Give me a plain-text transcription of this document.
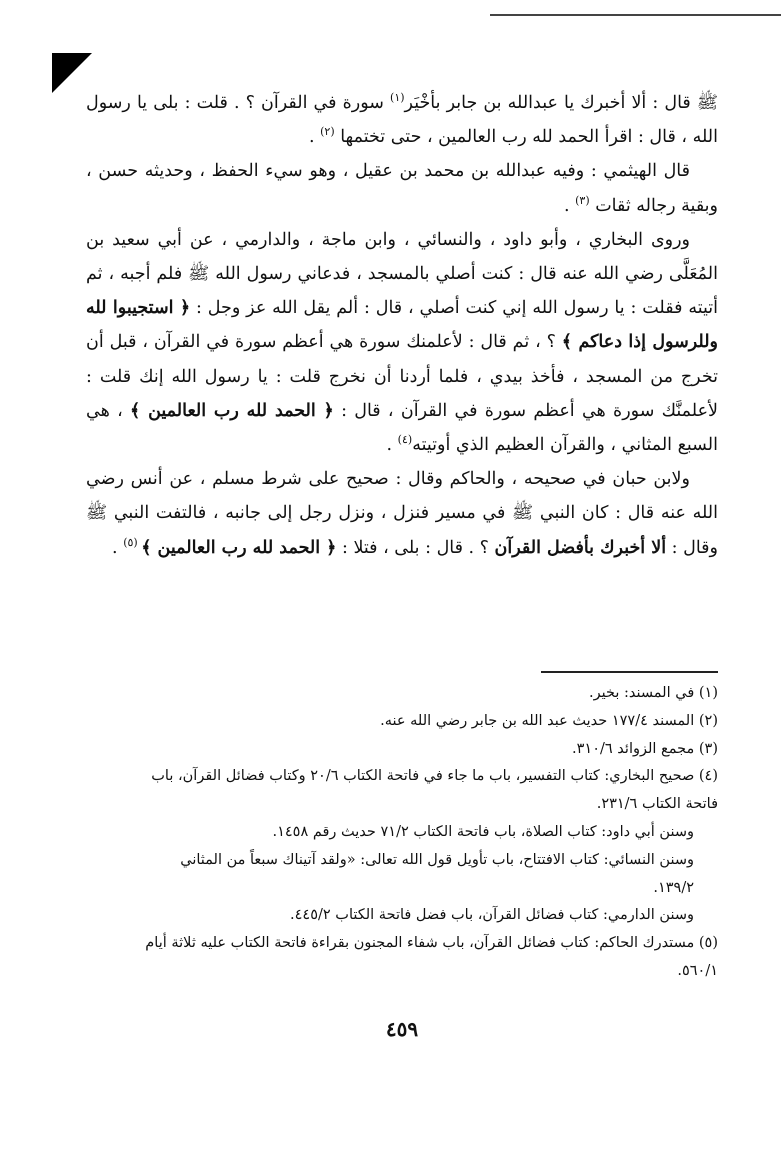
ﷺ قال : ألا أخبرك يا عبدالله بن جابر بأخْيَر$^{(١)}$ سورة في القرآن ؟ . قلت : بلى يا رسول الله ، قال : اقرأ الحمد لله رب العالمين ، حتى تختمها $^{(٢)}$ .

قال الهيثمي : وفيه عبدالله بن محمد بن عقيل ، وهو سيء الحفظ ، وحديثه حسن ، وبقية رجاله ثقات $^{(٣)}$ .

وروى البخاري ، وأبو داود ، والنسائي ، وابن ماجة ، والدارمي ، عن أبي سعيد بن المُعَلَّى رضي الله عنه قال : كنت أصلي بالمسجد ، فدعاني رسول الله ﷺ فلم أجبه ، ثم أتيته فقلت : يا رسول الله إني كنت أصلي ، قال : ألم يقل الله عز وجل : ﴿ استجيبوا لله وللرسول إذا دعاكم ﴾ ؟ ، ثم قال : لأعلمنك سورة هي أعظم سورة في القرآن ، قبل أن تخرج من المسجد ، فأخذ بيدي ، فلما أردنا أن نخرج قلت : يا رسول الله إنك قلت : لأعلمنَّك سورة هي أعظم سورة في القرآن ، قال : ﴿ الحمد لله رب العالمين ﴾ ، هي السبع المثاني ، والقرآن العظيم الذي أوتيته$^{(٤)}$ .

ولابن حبان في صحيحه ، والحاكم وقال : صحيح على شرط مسلم ، عن أنس رضي الله عنه قال : كان النبي ﷺ في مسير فنزل ، ونزل رجل إلى جانبه ، فالتفت النبي ﷺ وقال : ألا أخبرك بأفضل القرآن ؟ . قال : بلى ، فتلا : ﴿ الحمد لله رب العالمين ﴾ $^{(٥)}$ .

(١) في المسند: بخير.
(٢) المسند ١٧٧/٤ حديث عبد الله بن جابر رضي الله عنه.
(٣) مجمع الزوائد ٣١٠/٦.
(٤) صحيح البخاري: كتاب التفسير، باب ما جاء في فاتحة الكتاب ٢٠/٦ وكتاب فضائل القرآن، باب فاتحة الكتاب ٢٣١/٦.
وسنن أبي داود: كتاب الصلاة، باب فاتحة الكتاب ٧١/٢ حديث رقم ١٤٥٨.
وسنن النسائي: كتاب الافتتاح، باب تأويل قول الله تعالى: «ولقد آتيناك سبعاً من المثاني ١٣٩/٢.
وسنن الدارمي: كتاب فضائل القرآن، باب فضل فاتحة الكتاب ٤٤٥/٢.
(٥) مستدرك الحاكم: كتاب فضائل القرآن، باب شفاء المجنون بقراءة فاتحة الكتاب عليه ثلاثة أيام ٥٦٠/١.
٤٥٩
